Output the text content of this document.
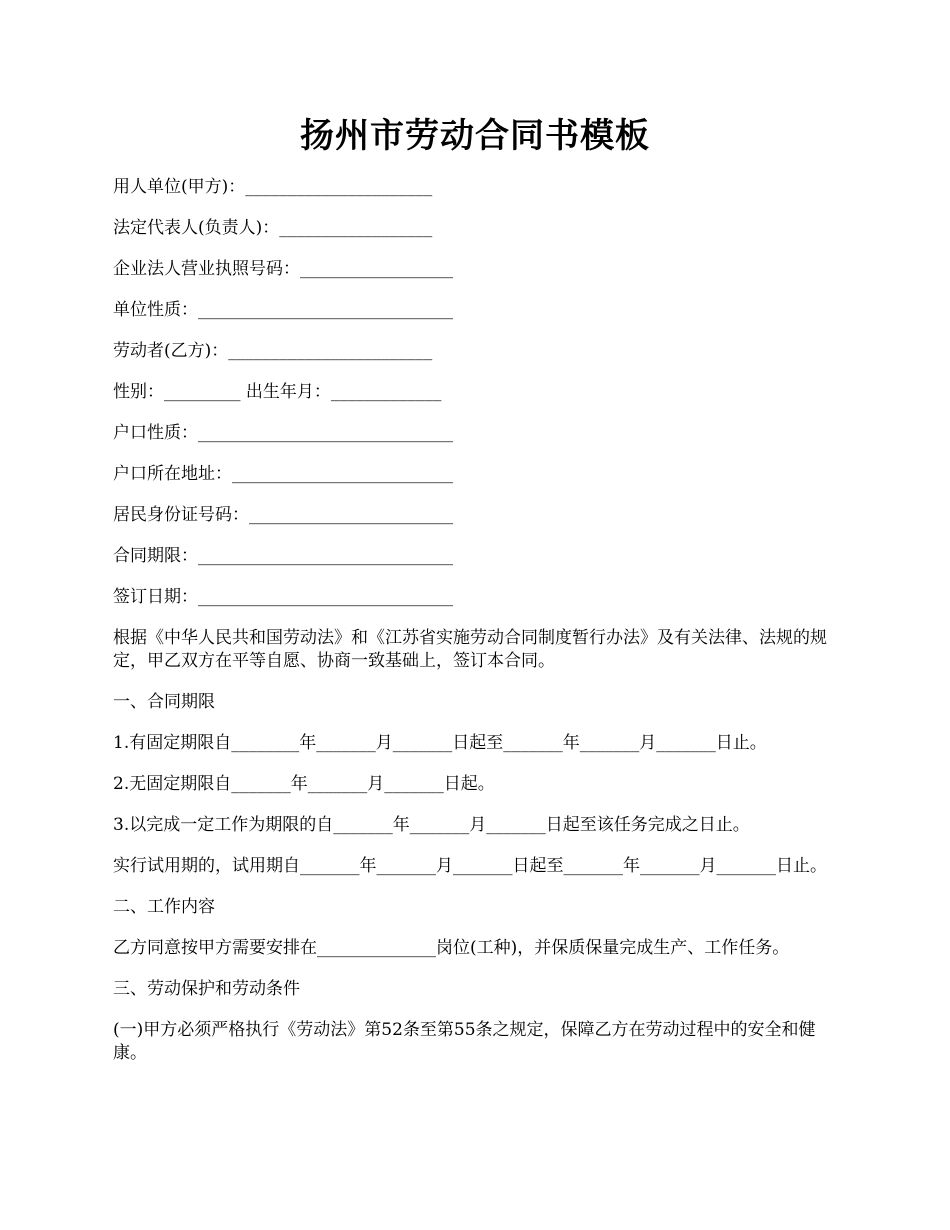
扬州市劳动合同书模板
用人单位(甲方)：______________________
法定代表人(负责人)：__________________
企业法人营业执照号码：__________________
单位性质：______________________________
劳动者(乙方)：________________________
性别：_________ 出生年月：_____________
户口性质：______________________________
户口所在地址：__________________________
居民身份证号码：________________________
合同期限：______________________________
签订日期：______________________________
根据《中华人民共和国劳动法》和《江苏省实施劳动合同制度暂行办法》及有关法律、法规的规定，甲乙双方在平等自愿、协商一致基础上，签订本合同。
一、合同期限
1.有固定期限自________年_______月_______日起至_______年_______月_______日止。
2.无固定期限自_______年_______月_______日起。
3.以完成一定工作为期限的自_______年_______月_______日起至该任务完成之日止。
实行试用期的，试用期自_______年_______月_______日起至_______年_______月_______日止。
二、工作内容
乙方同意按甲方需要安排在______________岗位(工种)，并保质保量完成生产、工作任务。
三、劳动保护和劳动条件
(一)甲方必须严格执行《劳动法》第52条至第55条之规定，保障乙方在劳动过程中的安全和健康。
